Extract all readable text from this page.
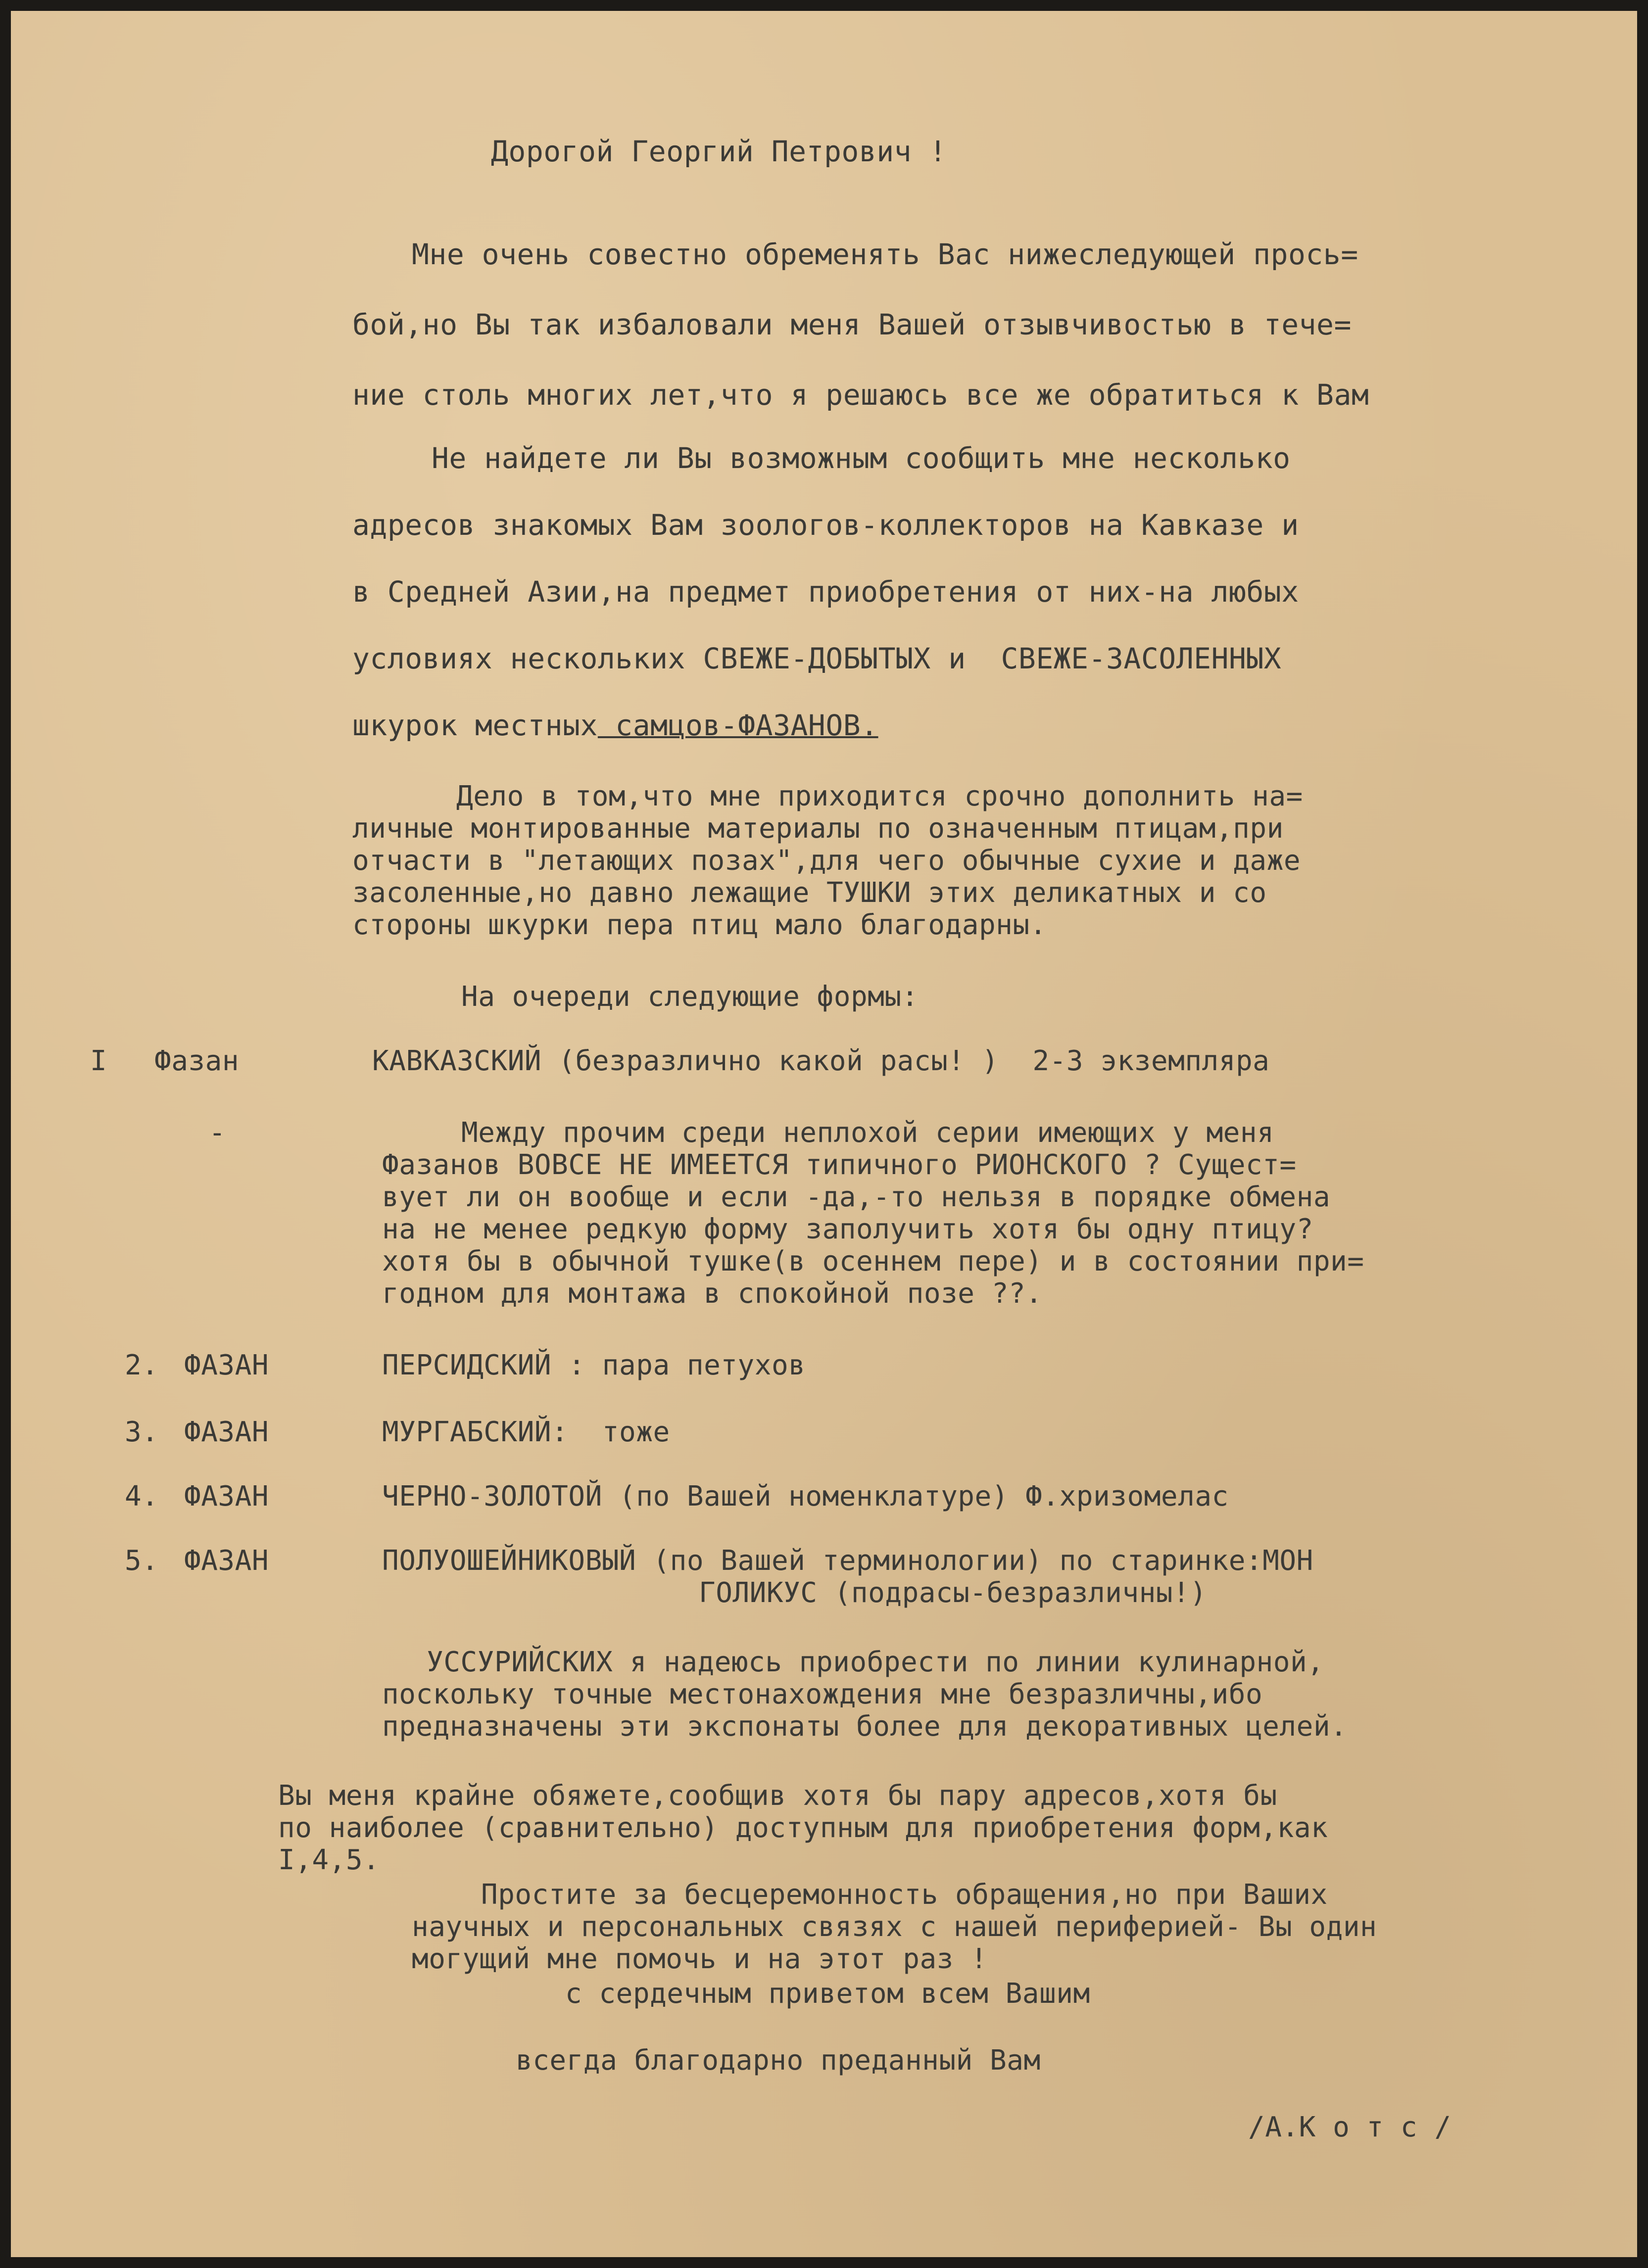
Дорогой Георгий Петрович !
Мне очень совестно обременять Вас нижеследующей прось=
бой,но Вы так избаловали меня Вашей отзывчивостью в тече=
ние столь многих лет,что я решаюсь все же обратиться к Вам
Не найдете ли Вы возможным сообщить мне несколько
адресов знакомых Вам зоологов-коллекторов на Кавказе и
в Средней Азии,на предмет приобретения от них-на любых
условиях нескольких СВЕЖЕ-ДОБЫТЫХ и  СВЕЖЕ-ЗАСОЛЕННЫХ
шкурок местных самцов-ФАЗАНОВ.
Дело в том,что мне приходится срочно дополнить на=
личные монтированные материалы по означенным птицам,при
отчасти в "летающих позах",для чего обычные сухие и даже
засоленные,но давно лежащие ТУШКИ этих деликатных и со
стороны шкурки пера птиц мало благодарны.
На очереди следующие формы:
I Фазан	КАВКАЗСКИЙ (безразлично какой расы! )  2-3 экземпляра
-	Между прочим среди неплохой серии имеющих у меня
Фазанов ВОВСЕ НЕ ИМЕЕТСЯ типичного РИОНСКОГО ? Сущест=
вует ли он вообще и если -да,-то нельзя в порядке обмена
на не менее редкую форму заполучить хотя бы одну птицу?
хотя бы в обычной тушке(в осеннем пере) и в состоянии при=
годном для монтажа в спокойной позе ??.
2. ФАЗАН	ПЕРСИДСКИЙ : пара петухов
3. ФАЗАН	МУРГАБСКИЙ:  тоже
4. ФАЗАН	ЧЕРНО-ЗОЛОТОЙ (по Вашей номенклатуре) Ф.хризомелас
5. ФАЗАН	ПОЛУОШЕЙНИКОВЫЙ (по Вашей терминологии) по старинке:МОН
ГОЛИКУС (подрасы-безразличны!)
УССУРИЙСКИХ я надеюсь приобрести по линии кулинарной,
поскольку точные местонахождения мне безразличны,ибо
предназначены эти экспонаты более для декоративных целей.
Вы меня крайне обяжете,сообщив хотя бы пару адресов,хотя бы
по наиболее (сравнительно) доступным для приобретения форм,как
I,4,5.
Простите за бесцеремонность обращения,но при Ваших
научных и персональных связях с нашей периферией- Вы один
могущий мне помочь и на этот раз !
с сердечным приветом всем Вашим
всегда благодарно преданный Вам
/А.К о т с /
